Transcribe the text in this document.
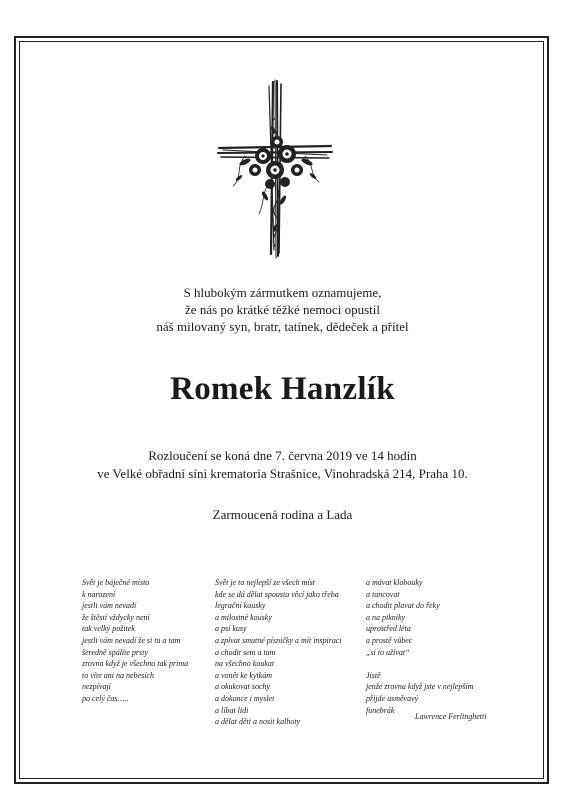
S hlubokým zármutkem oznamujeme,
že nás po krátké těžké nemoci opustil
náš milovaný syn, bratr, tatínek, dědeček a přítel
Romek Hanzlík
Rozloučení se koná dne 7. června 2019 ve 14 hodin
ve Velké obřadní síni krematoria Strašnice, Vinohradská 214, Praha 10.
Zarmoucená rodina a Lada
Svět je báječné místo
k narození
jestli vám nevadí
že štěstí vždycky není
tak velký požitek
jestli vám nevadí že si tu a tam
šeredně spálíte prsty
zrovna když je všechno tak prima
to víte ani na nebesích
nezpívají
po celý čas…..
Svět je to nejlepší ze všech míst
kde se dá dělat spousta věcí jako třeba
legrační kousky
a milostné kousky
a psí kusy
a zpívat smutné písničky a mít inspiraci
a chodit sem a tam
na všechno koukat
a vonět ke kytkám
a okukovat sochy
a dokonce i myslet
a líbat lidi
a dělat děti a nosit kalhoty
a mávat klobouky
a tancovat
a chodit plavat do řeky
a na pikniky
uprostřed léta
a prostě vůbec
„si to užívat“
Jistě
jenže zrovna když jste v nejlepším
přijde usměvavý
funebrák
Lawrence Ferlinghetti
